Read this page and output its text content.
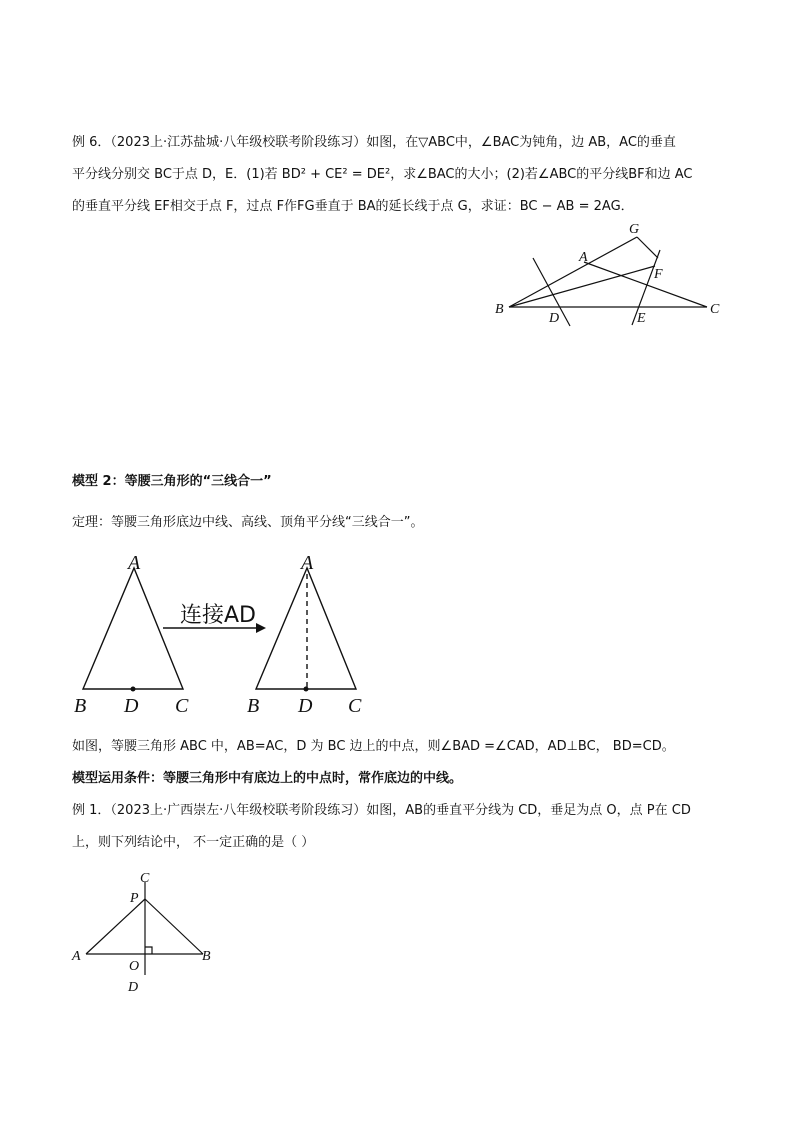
例 6．（2023上·江苏盐城·八年级校联考阶段练习）如图，在▽ABC中，∠BAC为钝角，边 AB，AC的垂直
平分线分别交 BC于点 D，E．(1)若 BD² + CE² = DE²，求∠BAC的大小；(2)若∠ABC的平分线BF和边 AC
的垂直平分线 EF相交于点 F，过点 F作FG垂直于 BA的延长线于点 G，求证：BC − AB = 2AG．
G
A
F
B
D	E
C
模型 2：等腰三角形的“三线合一”
定理：等腰三角形底边中线、高线、顶角平分线“三线合一”。
连接AD
A
B D C
A
B D C
如图，等腰三角形 ABC 中，AB=AC，D 为 BC 边上的中点，则∠BAD =∠CAD，AD⊥BC， BD=CD。
模型运用条件：等腰三角形中有底边上的中点时，常作底边的中线。
例 1．（2023上·广西崇左·八年级校联考阶段练习）如图，AB的垂直平分线为 CD，垂足为点 O，点 P在 CD
上，则下列结论中， 不一定正确的是（ ）
C
P
A
O
B
D
